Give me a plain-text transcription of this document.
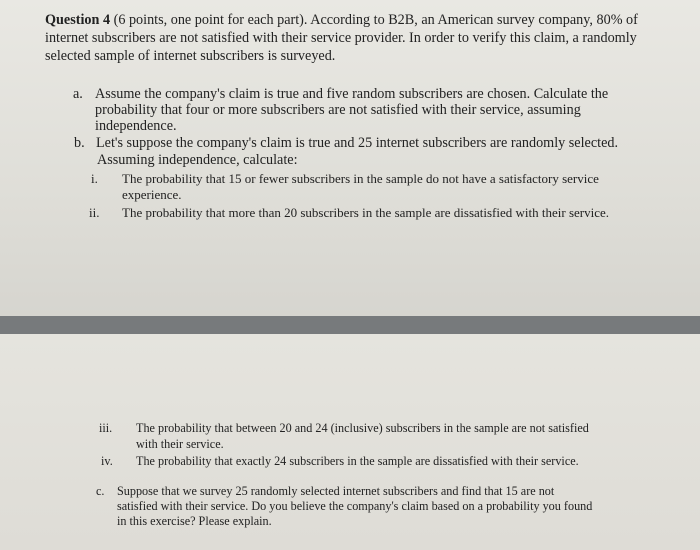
Question 4 (6 points, one point for each part). According to B2B, an American survey company, 80% of
internet subscribers are not satisfied with their service provider. In order to verify this claim, a randomly
selected sample of internet subscribers is surveyed.
a. Assume the company's claim is true and five random subscribers are chosen. Calculate the
probability that four or more subscribers are not satisfied with their service, assuming
independence.
b. Let's suppose the company's claim is true and 25 internet subscribers are randomly selected.
Assuming independence, calculate:
i. The probability that 15 or fewer subscribers in the sample do not have a satisfactory service
experience.
ii. The probability that more than 20 subscribers in the sample are dissatisfied with their service.
iii. The probability that between 20 and 24 (inclusive) subscribers in the sample are not satisfied
with their service.
iv. The probability that exactly 24 subscribers in the sample are dissatisfied with their service.
c. Suppose that we survey 25 randomly selected internet subscribers and find that 15 are not
satisfied with their service. Do you believe the company's claim based on a probability you found
in this exercise? Please explain.
